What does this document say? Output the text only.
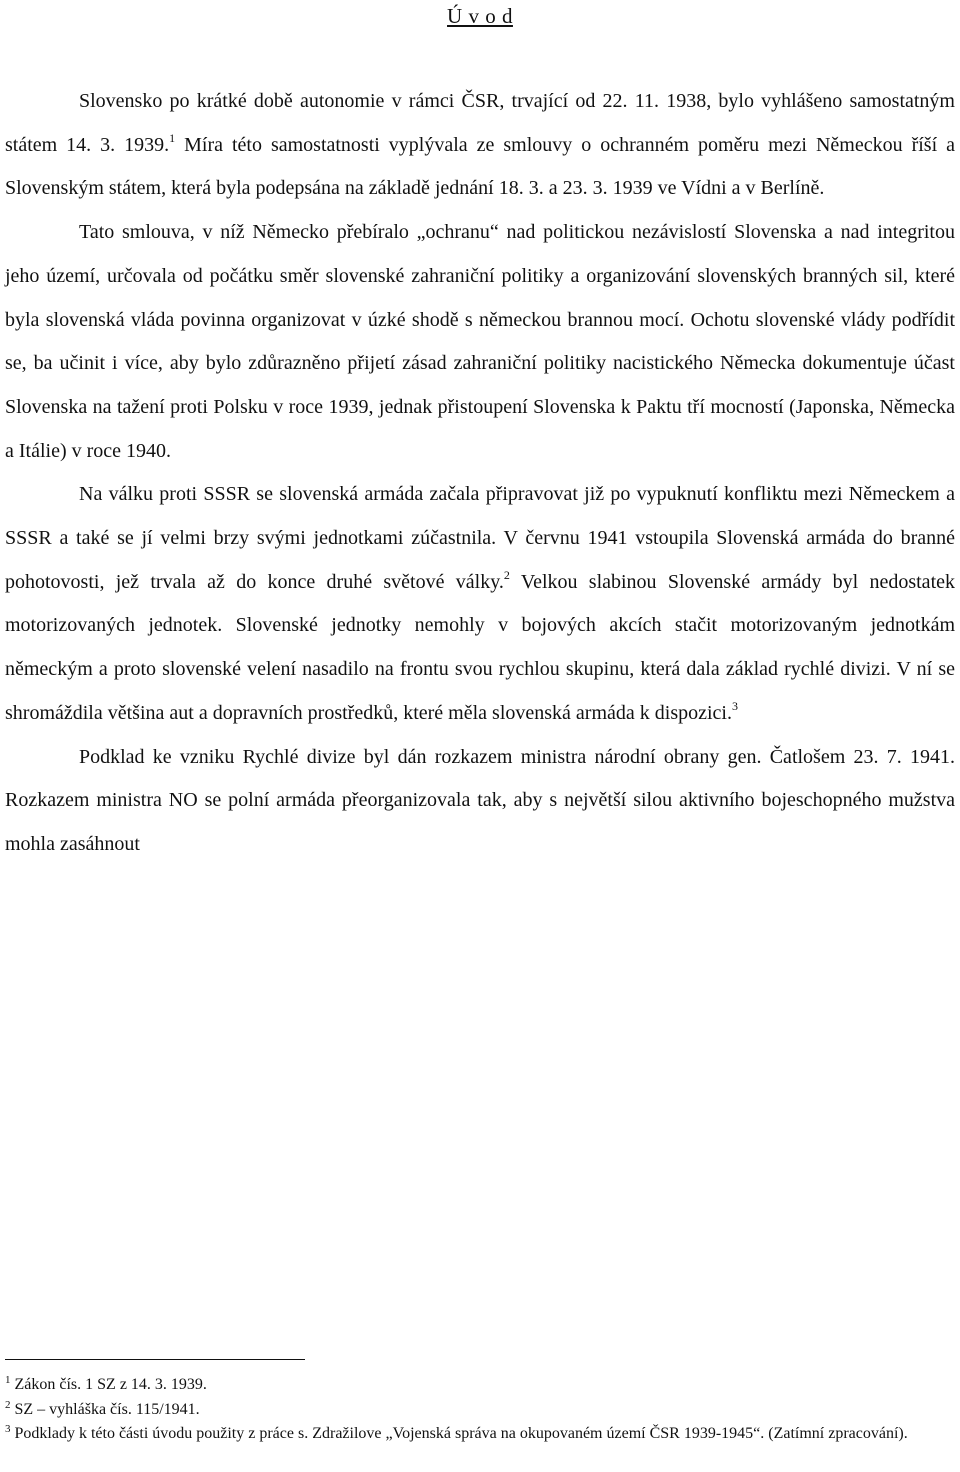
Ú v o d

Slovensko po krátké době autonomie v rámci ČSR, trvající od 22. 11. 1938, bylo vyhlášeno samostatným státem 14. 3. 1939.$^1$ Míra této samostatnosti vyplývala ze smlouvy o ochranném poměru mezi Německou říší a Slovenským státem, která byla podepsána na základě jednání 18. 3. a 23. 3. 1939 ve Vídni a v Berlíně.

Tato smlouva, v níž Německo přebíralo „ochranu“ nad politickou nezávislostí Slovenska a nad integritou jeho území, určovala od počátku směr slovenské zahraniční politiky a organizování slovenských branných sil, které byla slovenská vláda povinna organizovat v úzké shodě s německou brannou mocí. Ochotu slovenské vlády podřídit se, ba učinit i více, aby bylo zdůrazněno přijetí zásad zahraniční politiky nacistického Německa dokumentuje účast Slovenska na tažení proti Polsku v roce 1939, jednak přistoupení Slovenska k Paktu tří mocností (Japonska, Německa a Itálie) v roce 1940.

Na válku proti SSSR se slovenská armáda začala připravovat již po vypuknutí konfliktu mezi Německem a SSSR a také se jí velmi brzy svými jednotkami zúčastnila. V červnu 1941 vstoupila Slovenská armáda do branné pohotovosti, jež trvala až do konce druhé světové války.$^2$ Velkou slabinou Slovenské armády byl nedostatek motorizovaných jednotek. Slovenské jednotky nemohly v bojových akcích stačit motorizovaným jednotkám německým a proto slovenské velení nasadilo na frontu svou rychlou skupinu, která dala základ rychlé divizi. V ní se shromáždila většina aut a dopravních prostředků, které měla slovenská armáda k dispozici.$^3$

Podklad ke vzniku Rychlé divize byl dán rozkazem ministra národní obrany gen. Čatlošem 23. 7. 1941. Rozkazem ministra NO se polní armáda přeorganizovala tak, aby s největší silou aktivního bojeschopného mužstva mohla zasáhnout

$^1$ Zákon čís. 1 SZ z 14. 3. 1939.

$^2$ SZ – vyhláška čís. 115/1941.

$^3$ Podklady k této části úvodu použity z práce s. Zdražilove „Vojenská správa na okupovaném území ČSR 1939-1945“. (Zatímní zpracování).
